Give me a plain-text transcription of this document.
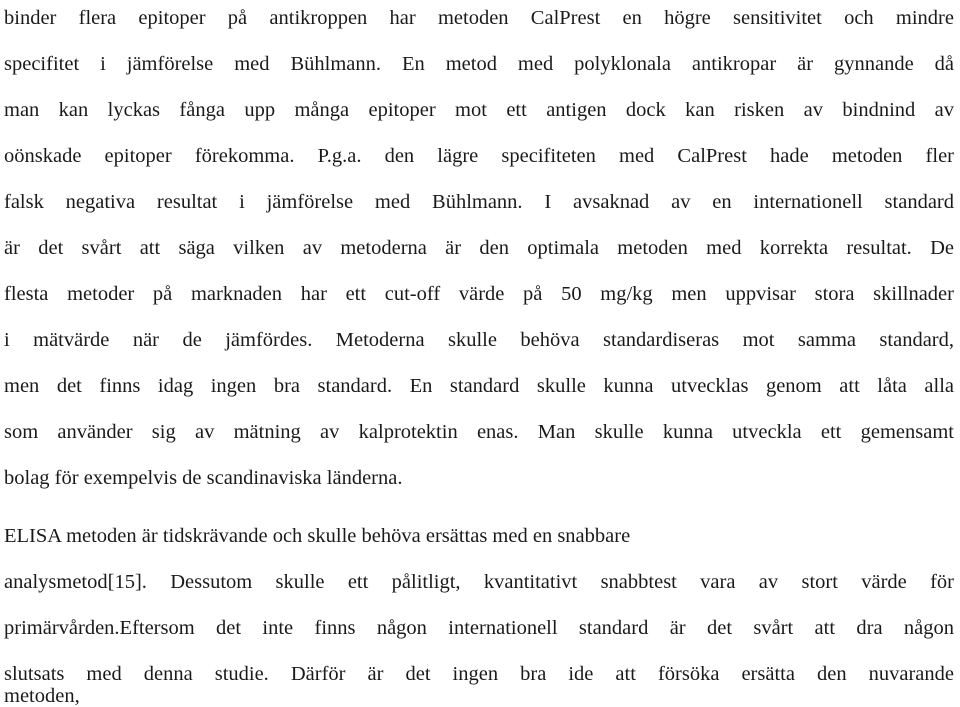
binder flera epitoper på antikroppen har metoden CalPrest en högre sensitivitet och mindre
specifitet i jämförelse med Bühlmann. En metod med polyklonala antikropar är gynnande då
man kan lyckas fånga upp många epitoper mot ett antigen dock kan risken av bindnind av
oönskade epitoper förekomma. P.g.a. den lägre specifiteten med CalPrest hade metoden fler
falsk negativa resultat i jämförelse med Bühlmann. I avsaknad av en internationell standard
är det svårt att säga vilken av metoderna är den optimala metoden med korrekta resultat. De
flesta metoder på marknaden har ett cut-off värde på 50 mg/kg men uppvisar stora skillnader
i mätvärde när de jämfördes. Metoderna skulle behöva standardiseras mot samma standard,
men det finns idag ingen bra standard. En standard skulle kunna utvecklas genom att låta alla
som använder sig av mätning av kalprotektin enas. Man skulle kunna utveckla ett gemensamt
bolag för exempelvis de scandinaviska länderna.
ELISA metoden är tidskrävande och skulle behöva ersättas med en snabbare
analysmetod[15]. Dessutom skulle ett pålitligt, kvantitativt snabbtest vara av stort värde för
primärvården.Eftersom det inte finns någon internationell standard är det svårt att dra någon
slutsats med denna studie. Därför är det ingen bra ide att försöka ersätta den nuvarande
metoden,
